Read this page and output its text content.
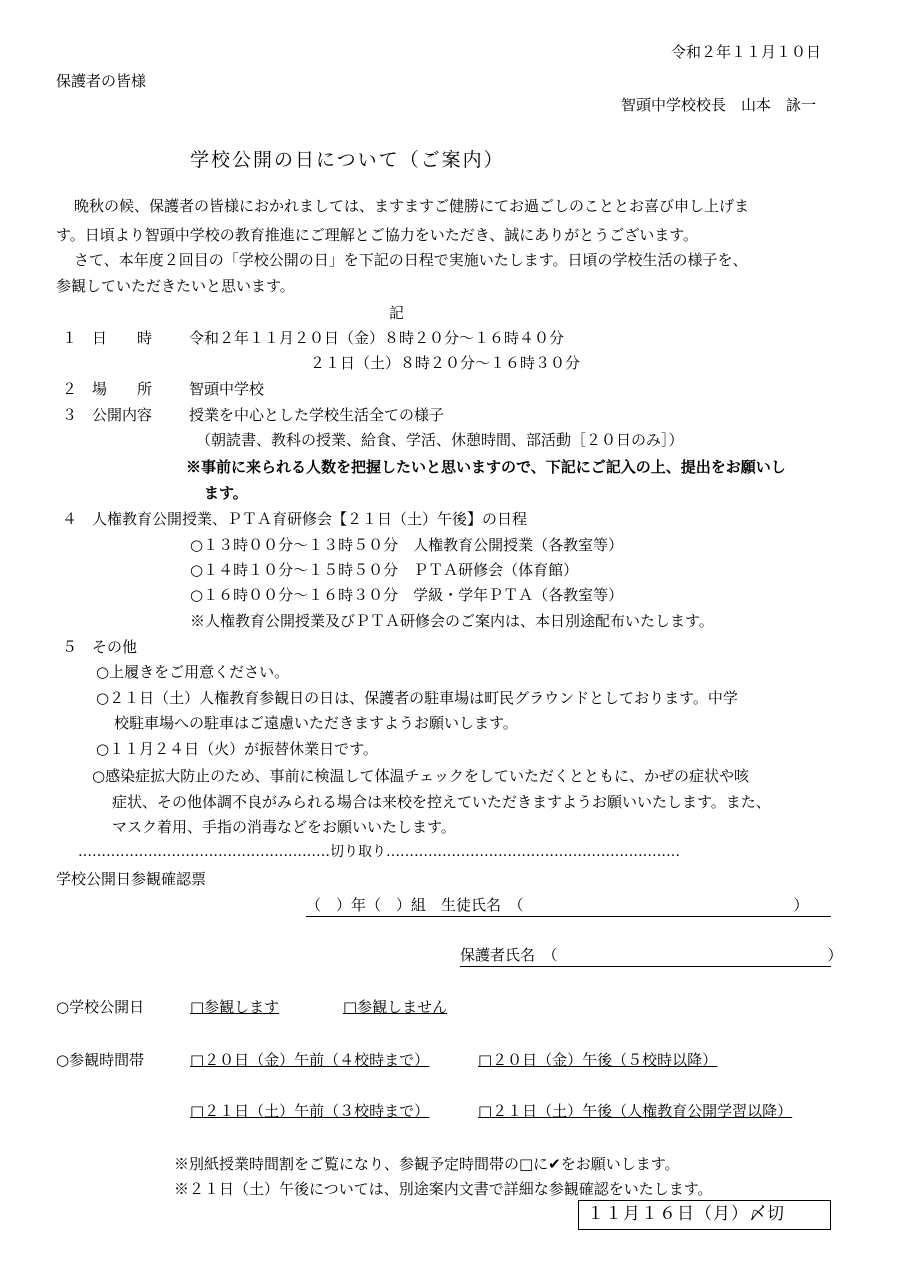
令和２年１１月１０日
保護者の皆様
智頭中学校校長　山本　詠一
学校公開の日について（ご案内）
晩秋の候、保護者の皆様におかれましては、ますますご健勝にてお過ごしのこととお喜び申し上げま
す。日頃より智頭中学校の教育推進にご理解とご協力をいただき、誠にありがとうございます。
さて、本年度２回目の「学校公開の日」を下記の日程で実施いたします。日頃の学校生活の様子を、
参観していただきたいと思います。
記
１ 日　　時 令和２年１１月２０日（金）８時２０分～１６時４０分
２１日（土）８時２０分～１６時３０分
２ 場　　所 智頭中学校
３ 公開内容 授業を中心とした学校生活全ての様子
（朝読書、教科の授業、給食、学活、休憩時間、部活動［２０日のみ］）
※事前に来られる人数を把握したいと思いますので、下記にご記入の上、提出をお願いし
ます。
４ 人権教育公開授業、ＰＴＡ育研修会【２１日（土）午後】の日程
○１３時００分～１３時５０分　人権教育公開授業（各教室等）
○１４時１０分～１５時５０分　ＰＴＡ研修会（体育館）
○１６時００分～１６時３０分　学級・学年ＰＴＡ（各教室等）
※人権教育公開授業及びＰＴＡ研修会のご案内は、本日別途配布いたします。
５ その他
○上履きをご用意ください。
○２１日（土）人権教育参観日の日は、保護者の駐車場は町民グラウンドとしております。中学
校駐車場への駐車はご遠慮いただきますようお願いします。
○１１月２４日（火）が振替休業日です。
○感染症拡大防止のため、事前に検温して体温チェックをしていただくとともに、かぜの症状や咳
症状、その他体調不良がみられる場合は来校を控えていただきますようお願いいたします。また、
マスク着用、手指の消毒などをお願いいたします。
………………………………………………切り取り………………………………………………………
学校公開日参観確認票
（　）年（　）組　生徒氏名　（　　　　　　　　　　　　　　　　　　）
保護者氏名　（　　　　　　　　　　　　　　　　　　）
○学校公開日	□参観します	□参観しません
○参観時間帯	□２０日（金）午前（４校時まで）	□２０日（金）午後（５校時以降）
□２１日（土）午前（３校時まで）	□２１日（土）午後（人権教育公開学習以降）
※別紙授業時間割をご覧になり、参観予定時間帯の□に✔をお願いします。
※２１日（土）午後については、別途案内文書で詳細な参観確認をいたします。
１１月１６日（月）〆切
